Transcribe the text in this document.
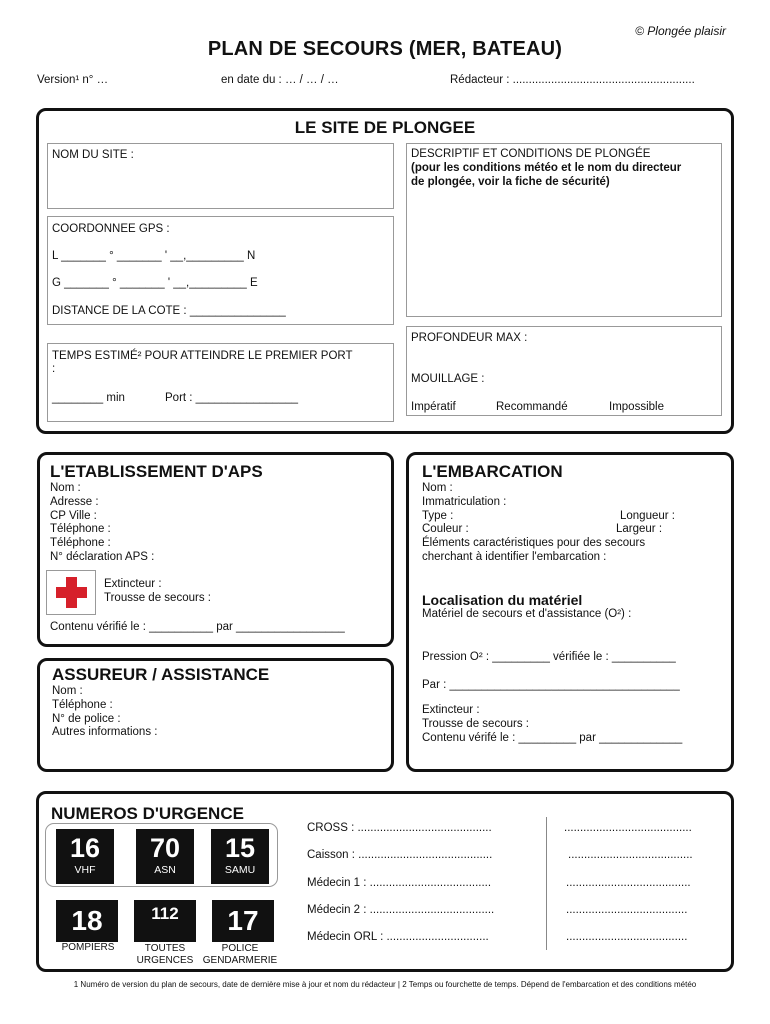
© Plongée plaisir
PLAN DE SECOURS (MER, BATEAU)
Version¹ n° …	en date du : … / … / …	Rédacteur : .........................................................
LE SITE DE PLONGEE
NOM DU SITE :	DESCRIPTIF ET CONDITIONS DE PLONGÉE
(pour les conditions météo et le nom du directeur
de plongée, voir la fiche de sécurité)
COORDONNEE GPS :
L _______ ° _______ ' __,_________ N
G _______ ° _______ ' __,_________ E
DISTANCE DE LA COTE : _______________
TEMPS ESTIMÉ² POUR ATTEINDRE LE PREMIER PORT
:
________ min	Port : ________________
PROFONDEUR MAX :
MOUILLAGE :
Impératif	Recommandé	Impossible
L'ETABLISSEMENT D'APS
Nom :
Adresse :
CP Ville :
Téléphone :
Téléphone :
N° déclaration APS :
Extincteur :
Trousse de secours :
Contenu vérifié le : __________ par _________________
ASSUREUR / ASSISTANCE
Nom :
Téléphone :
N° de police :
Autres informations :
L'EMBARCATION
Nom :
Immatriculation :
Type :	Longueur :
Couleur :	Largeur :
Éléments caractéristiques pour des secours
cherchant à identifier l'embarcation :
Localisation du matériel
Matériel de secours et d'assistance (O²) :
Pression O² : _________ vérifiée le : __________
Par : ____________________________________
Extincteur :
Trousse de secours :
Contenu vérifé le : _________ par _____________
NUMEROS D'URGENCE
16
VHF
70
ASN
15
SAMU
18
POMPIERS
112
TOUTES URGENCES
17
POLICE GENDARMERIE
CROSS : ..........................................	........................................
Caisson : ..........................................	.......................................
Médecin 1 : ......................................	.......................................
Médecin 2 : .......................................	......................................
Médecin ORL : ................................	......................................
1 Numéro de version du plan de secours, date de dernière mise à jour et nom du rédacteur | 2 Temps ou fourchette de temps. Dépend de l'embarcation et des conditions météo
